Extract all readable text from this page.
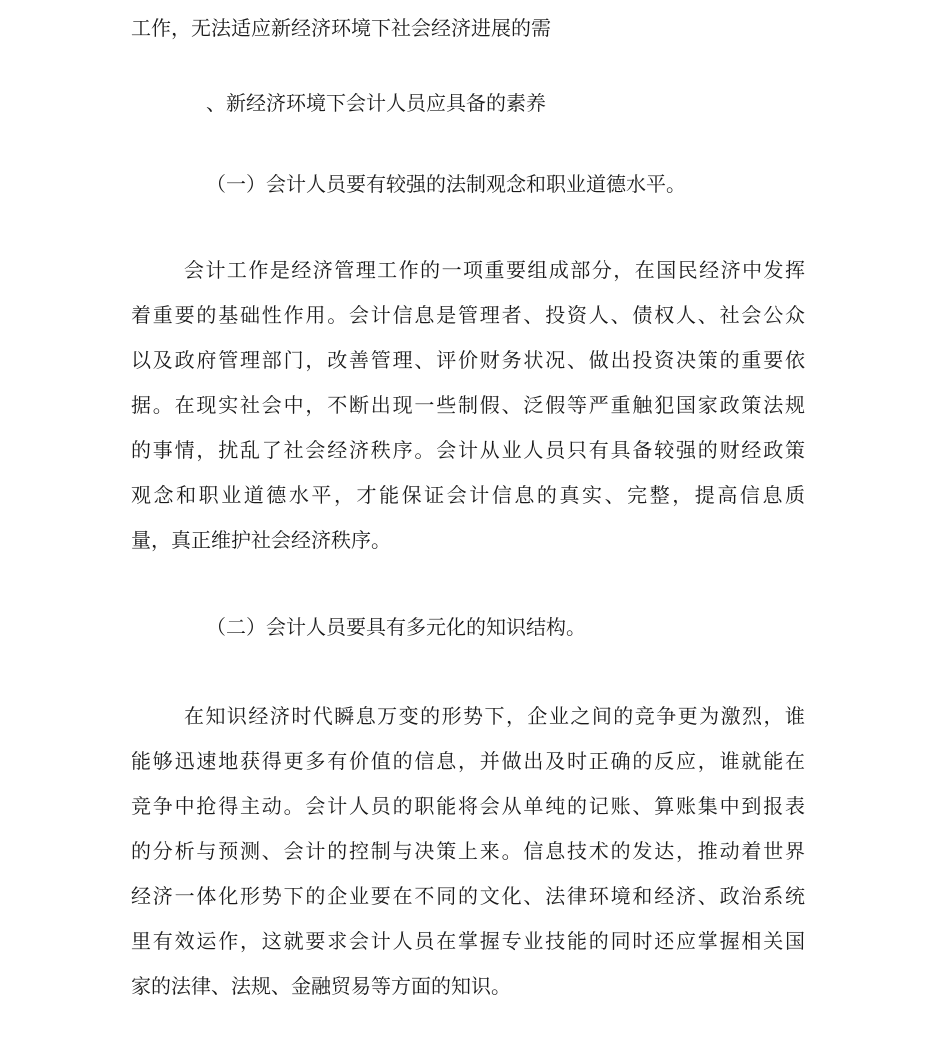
工作，无法适应新经济环境下社会经济进展的需

、新经济环境下会计人员应具备的素养
（一）会计人员要有较强的法制观念和职业道德水平。
会计工作是经济管理工作的一项重要组成部分，在国民经济中发挥
着重要的基础性作用。会计信息是管理者、投资人、债权人、社会公众
以及政府管理部门，改善管理、评价财务状况、做出投资决策的重要依
据。在现实社会中，不断出现一些制假、泛假等严重触犯国家政策法规
的事情，扰乱了社会经济秩序。会计从业人员只有具备较强的财经政策
观念和职业道德水平，才能保证会计信息的真实、完整，提高信息质
量，真正维护社会经济秩序。
（二）会计人员要具有多元化的知识结构。
在知识经济时代瞬息万变的形势下，企业之间的竞争更为激烈，谁
能够迅速地获得更多有价值的信息，并做出及时正确的反应，谁就能在
竞争中抢得主动。会计人员的职能将会从单纯的记账、算账集中到报表
的分析与预测、会计的控制与决策上来。信息技术的发达，推动着世界
经济一体化形势下的企业要在不同的文化、法律环境和经济、政治系统
里有效运作，这就要求会计人员在掌握专业技能的同时还应掌握相关国
家的法律、法规、金融贸易等方面的知识。
